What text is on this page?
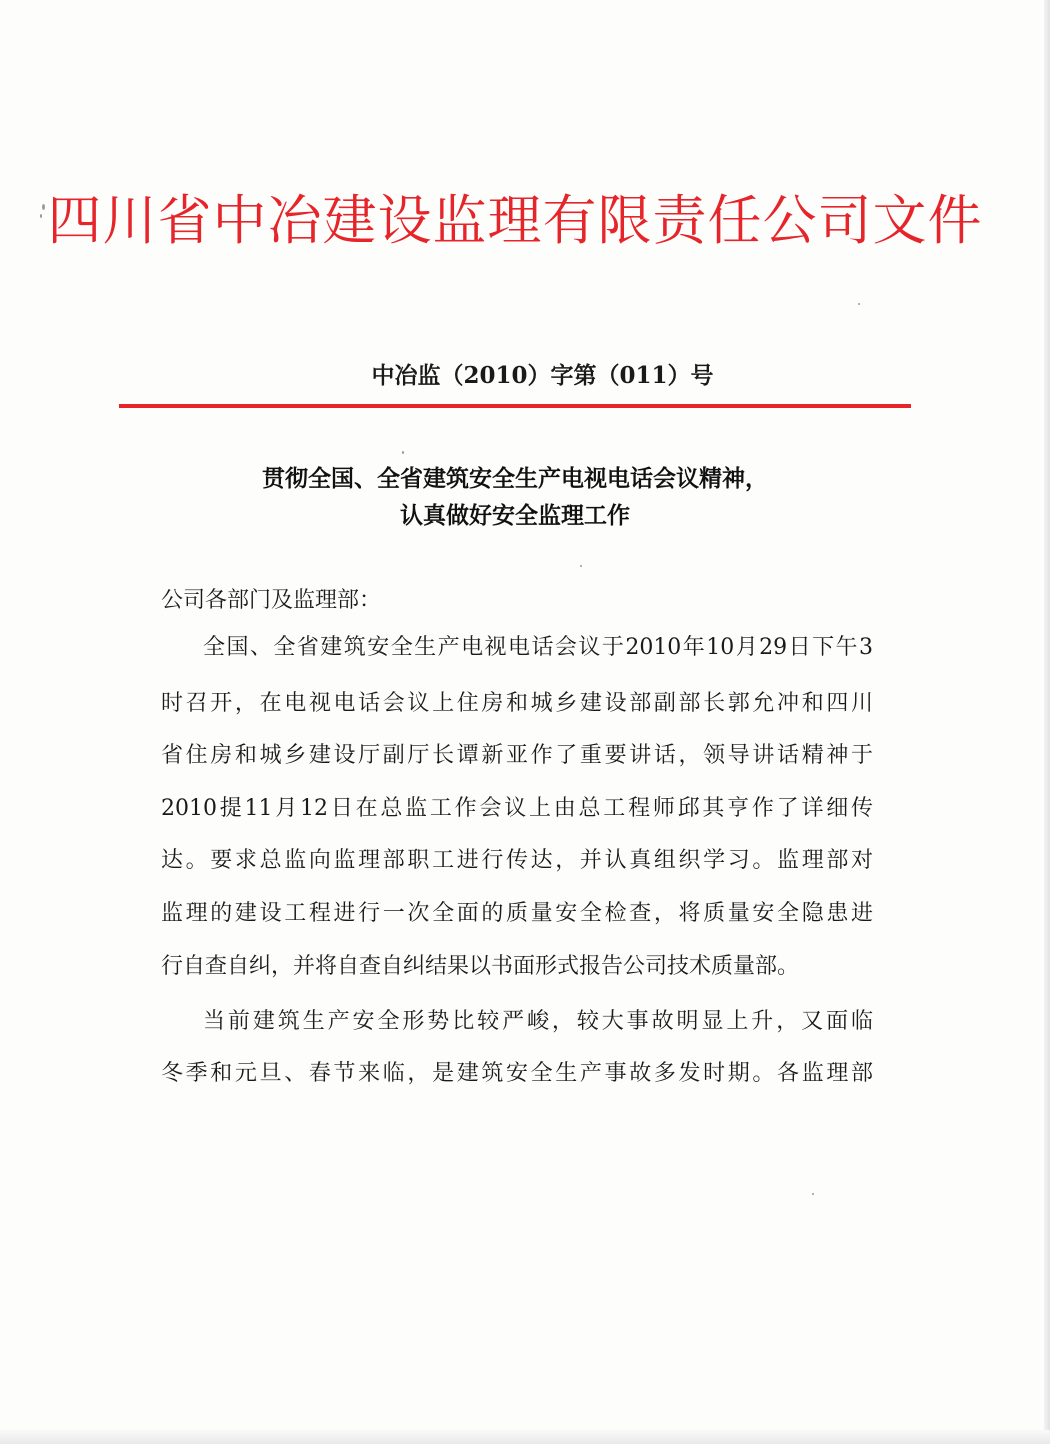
四川省中冶建设监理有限责任公司文件
中冶监（2010）字第（011）号
贯彻全国、全省建筑安全生产电视电话会议精神，
认真做好安全监理工作
公司各部门及监理部：
全国、全省建筑安全生产电视电话会议于2010年10月29日下午3
时召开，在电视电话会议上住房和城乡建设部副部长郭允冲和四川
省住房和城乡建设厅副厅长谭新亚作了重要讲话，领导讲话精神于
2010提11月12日在总监工作会议上由总工程师邱其亨作了详细传
达。要求总监向监理部职工进行传达，并认真组织学习。监理部对
监理的建设工程进行一次全面的质量安全检查，将质量安全隐患进
行自查自纠，并将自查自纠结果以书面形式报告公司技术质量部。
当前建筑生产安全形势比较严峻，较大事故明显上升，又面临
冬季和元旦、春节来临，是建筑安全生产事故多发时期。各监理部
